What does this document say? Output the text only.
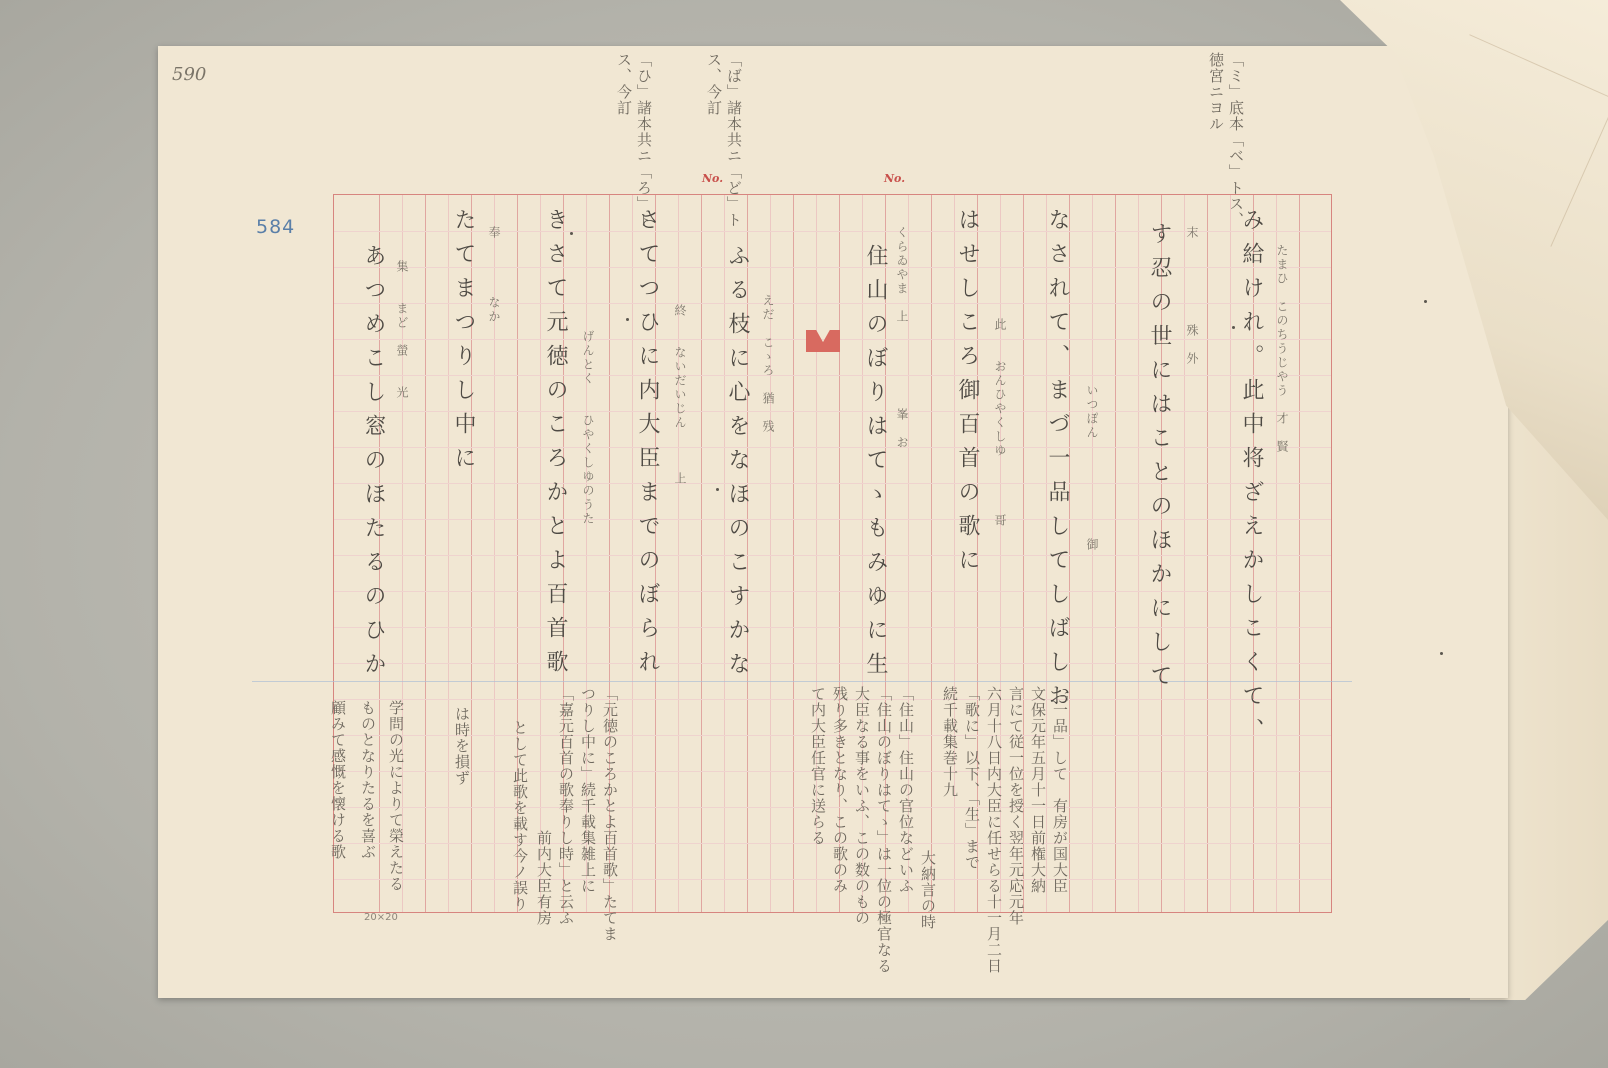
590
584	「ミ」底本「ベ」トス、
徳宮ニヨル
「ば」諸本共ニ「ど」ト
ス、今訂
「ひ」諸本共ニ「ろ」ト
ス、今訂
No.	No.
20×20
み給けれ。此中将ざえかしこくて、 たまひ　このちうじやう　才　賢
す忍の世にはことのほかにして 末　　　　　　殊　外
なされて、まづ一品してしばしお いつぽん　　　　　　　御
はせしころ御百首の歌に 此　　おんひやくしゆ　　　　哥
住山のぼりはてゝもみゆに生 くらゐやま　上　　　　　　峯　お
ふる枝に心をなほのこすかな えだ　こゝろ　猶　残
さてつひに内大臣までのぼられ 　終　　ないだいじん　　　上
きさて元徳のころかとよ百首歌 げんとく　　ひやくしゆのうた
たてまつりし中に 奉　　　　なか
あつめこし窓のほたるのひか 集　　まど　螢　　光
「一品」して　有房が国大臣
文保元年五月十一日前権大納
言にて従一位を授く翌年元応元年
六月十八日内大臣に任せらる十一月二日
「歌に」以下、「生」まで
続千載集巻十九
大納言の時
「住山」住山の官位などいふ
「住山のぼりはてゝ」は一位の極官なる
大臣なる事をいふ、この数のもの
残り多きとなり、この歌のみ
て内大臣任官に送らる
「元徳のころかとよ百首歌」たてま
つりし中に」続千載集雑上に
「嘉元百首の歌奉りし時」と云ふ
前内大臣有房
として此歌を載す今ノ誤り
は時を損ず
学問の光によりて榮えたる
ものとなりたるを喜ぶ
顧みて感慨を懐ける歌
